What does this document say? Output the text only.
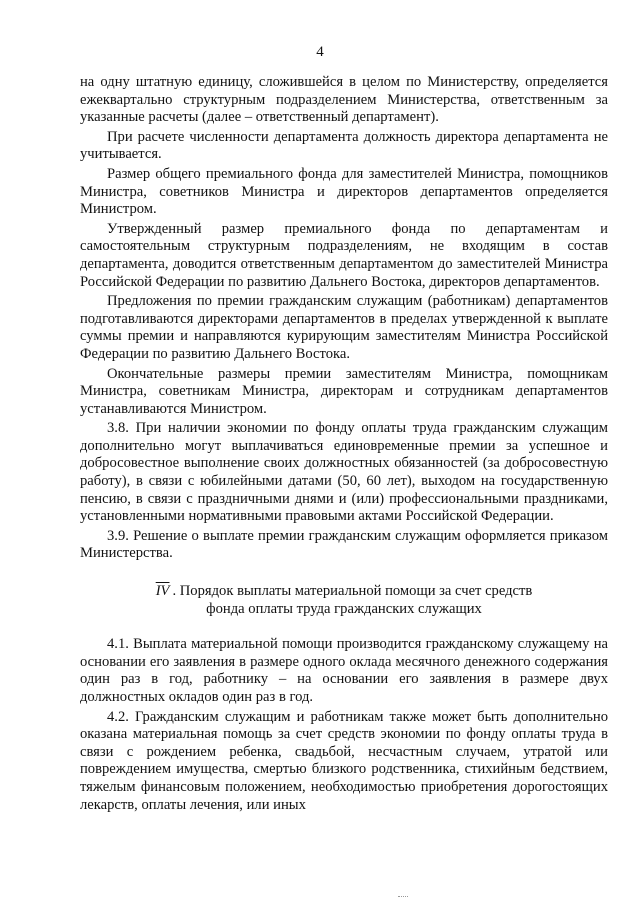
4

на одну штатную единицу, сложившейся в целом по Министерству, определяется ежеквартально структурным подразделением Министерства, ответственным за указанные расчеты (далее – ответственный департамент).

При расчете численности департамента должность директора департамента не учитывается.

Размер общего премиального фонда для заместителей Министра, помощников Министра, советников Министра и директоров департаментов определяется Министром.

Утвержденный размер премиального фонда по департаментам и самостоятельным структурным подразделениям, не входящим в состав департамента, доводится ответственным департаментом до заместителей Министра Российской Федерации по развитию Дальнего Востока, директоров департаментов.

Предложения по премии гражданским служащим (работникам) департаментов подготавливаются директорами департаментов в пределах утвержденной к выплате суммы премии и направляются курирующим заместителям Министра Российской Федерации по развитию Дальнего Востока.

Окончательные размеры премии заместителям Министра, помощникам Министра, советникам Министра, директорам и сотрудникам департаментов устанавливаются Министром.

3.8. При наличии экономии по фонду оплаты труда гражданским служащим дополнительно могут выплачиваться единовременные премии за успешное и добросовестное выполнение своих должностных обязанностей (за добросовестную работу), в связи с юбилейными датами (50, 60 лет), выходом на государственную пенсию, в связи с праздничными днями и (или) профессиональными праздниками, установленными нормативными правовыми актами Российской Федерации.

3.9. Решение о выплате премии гражданским служащим оформляется приказом Министерства.

$\overline{IV}$ . Порядок выплаты материальной помощи за счет средств
фонда оплаты труда гражданских служащих

4.1. Выплата материальной помощи производится гражданскому служащему на основании его заявления в размере одного оклада месячного денежного содержания один раз в год, работнику – на основании его заявления в размере двух должностных окладов один раз в год.

4.2. Гражданским служащим и работникам также может быть дополнительно оказана материальная помощь за счет средств экономии по фонду оплаты труда в связи с рождением ребенка, свадьбой, несчастным случаем, утратой или повреждением имущества, смертью близкого родственника, стихийным бедствием, тяжелым финансовым положением, необходимостью приобретения дорогостоящих лекарств, оплаты лечения, или иных
